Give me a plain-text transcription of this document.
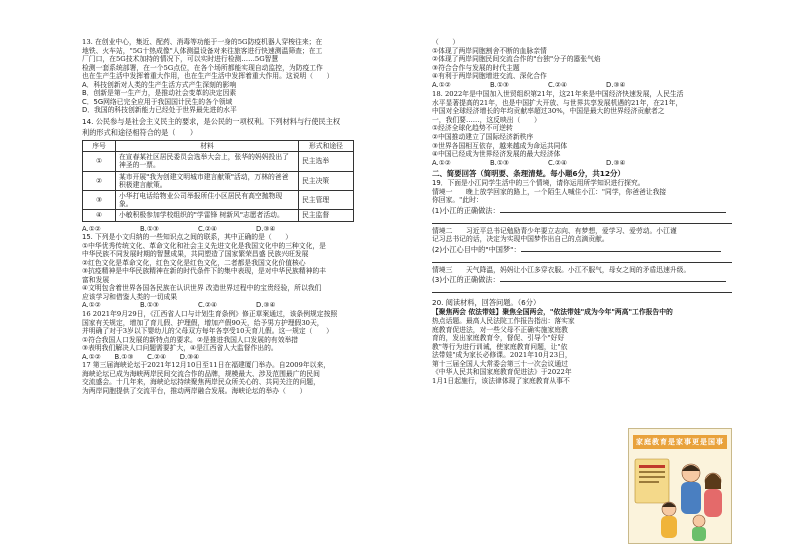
13. 在创业中心，集近、配药、消毒等功能于一身的5G防疫机器人穿梭往来；在
地铁、火车站，"5G十热成像"人体测温设备对来往旅客进行快速测温筛查；在工
厂门口，在5G技术加持的情况下，可以实时进行检测……5G智慧
检测一套系统部署，在一个5G点位，在各个场所都能实现自动监控，为防疫工作
也在生产生活中发挥着重大作用，也在生产生活中发挥着重大作用。这说明（　　）
A．科技创新对人类的生产生活方式产生深刻的影响
B．创新是第一生产力，是推动社会变革的决定因素
C．5G网络已完全应用于我国国计民生的各个领域
D．我国的科技创新能力已经处于世界最先进的水平
14. 公民参与是社会主义民主的要求，是公民的一项权利。下列材料与行使民主权
利的形式和途径相符合的是（　　）
序号	材料	形式和途径
①	在宣春某社区居民委员会选举大会上，张华的妈妈投出了神圣的一票。	民主选举
②	某市开展"我为创建文明城市建言献策"活动，万林的爸爸积极建言献策。	民主决策
③	小华打电话给物业公司举报所住小区居民有高空抛物现象。	民主管理
④	小敏积极参加学校组织的"学雷锋 树新风"志愿者活动。	民主监督
A.①②	B.①③	C.②④	D.③④
15. 下列是小文归纳的一些知识点之间的联系，其中正确的是（　　）
①中华优秀传统文化、革命文化和社会主义先进文化是我国文化中的三种文化，是
中华民族不同发展时期的智慧成果，共同塑造了国家繁荣昌盛 民族兴旺发展
②红色文化是革命文化，红色文化是红色文化，二者都是我国文化价值核心
③抗疫精神是中华民族精神在新的时代条件下的集中表现，是对中华民族精神的丰
富和发展
④文明包含着世界各国各民族在认识世界 改造世界过程中的宝贵经验，所以我们
应该学习和借鉴人类的一切成果
A.①②	B.①③	C.②④	D.③④
16 2021年9月29日，《江西省人口与计划生育条例》修正草案通过，该条例规定按照
国家有关规定，增加了育儿假、护理假，增加产假90天，给予男方护理假30天，
并明确了对于3岁以下婴幼儿的父母双方每年各享受10天育儿假。这一规定（　　）
①符合我国人口发展的新特点的要求。②是推进我国人口发展的有效举措
③表明我们解决人口问题需要扩大，④是江西省人大监督作出的。
A.①②　　B.①③　　C.②④　　D.③④
17 第三届海峡论坛于2021年12月10日至11日在福建厦门举办。自2009年以来，
海峡论坛已成为海峡两岸民间交流合作的品牌，规模最大、涉及范围最广的民间
交流盛会。十几年来，海峡论坛持续聚焦两岸民众所关心的、共同关注的问题，
为两岸同胞提供了交流平台，推动两岸融合发展。海峡论坛的举办（　　）
（　　）
①体现了两岸同胞割舍不断的血脉亲情
②体现了两岸同胞民间交流合作的"台独"分子的嚣张气焰
③符合合作与发展的时代主题
④有利于两岸同胞增进交流、深化合作
A.①②	B.①③	C.②④	D.③④
18. 2022年是中国加入世贸组织第21年，这21年来是中国经济快速发展，人民生活
水平显著提高的21年，也是中国扩大开放、与世界共享发展机遇的21年，在21年，
中国对全球经济增长的年均贡献率超过30%，中国是最大的世界经济贡献者之
一，我们要……，这反映出（　　）
①经济全球化趋势不可逆转
②中国推动建立了国际经济新秩序
③世界各国相互依存，越来越成为命运共同体
④中国已经成为世界经济发展的最大经济体
A.①②	B.①③	C.②④	D.③④
二、简要回答（简明要、条理清楚。每小题6分，共12分）
19．下面是小江同学生活中的三个情境，请你运用所学知识进行探究。
情境一　　晚上放学回家的路上，一个陌生人喊住小江："同学，你爸爸让我接
你回家。"此时：
(1)小江的正确做法：
情境二　　习近平总书记勉励青少年要立志向、有梦想，爱学习、爱劳动。小江谨
记习总书记的话，决定为实现中国梦作出自己的点滴贡献。
(2)小江心目中的"中国梦"：
情境三　　天气降温，妈妈让小江多穿衣服。小江不服气，母女之间的矛盾迅速升级。
(3)小江的正确做法：
20. 阅读材料，回答问题。（6分）
【聚焦两会 依法带娃】聚焦全国两会，"依法带娃"成为今年"两高"工作报告中的
热点话题。最高人民法院工作报告指出：落实家
庭教育促进法，对一些父母不正确实施家庭教
育的，发出家庭教育令，督促、引导个"好好
教"等行为进行训诫，使家庭教育问题，让"依
法带娃"成为家长必修课。2021年10月23日，
第十三届全国人大常委会第三十一次会议通过
《中华人民共和国家庭教育促进法》于2022年
1月1日起施行，该法律体现了家庭教育从事不
家庭教育是家事更是国事
